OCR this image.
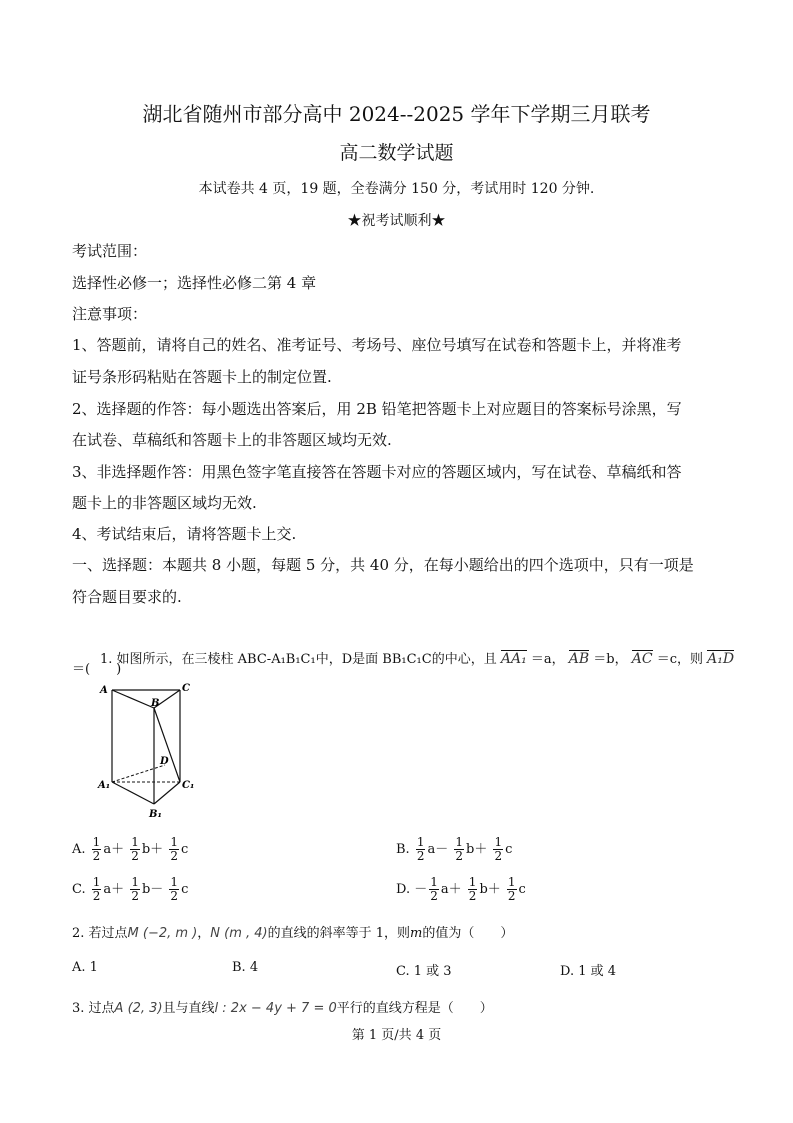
湖北省随州市部分高中 2024--2025 学年下学期三月联考
高二数学试题
本试卷共 4 页，19 题，全卷满分 150 分，考试用时 120 分钟.
★祝考试顺利★
考试范围：
选择性必修一；选择性必修二第 4 章
注意事项：
1、答题前，请将自己的姓名、准考证号、考场号、座位号填写在试卷和答题卡上，并将准考
证号条形码粘贴在答题卡上的制定位置.
2、选择题的作答：每小题选出答案后，用 2B 铅笔把答题卡上对应题目的答案标号涂黑，写
在试卷、草稿纸和答题卡上的非答题区域均无效.
3、非选择题作答：用黑色签字笔直接答在答题卡对应的答题区域内，写在试卷、草稿纸和答
题卡上的非答题区域均无效.
4、考试结束后，请将答题卡上交.
一、选择题：本题共 8 小题，每题 5 分，共 40 分，在每小题给出的四个选项中，只有一项是
符合题目要求的.
1. 如图所示，在三棱柱 ABC-A₁B₁C₁中，D是面 BB₁C₁C的中心，且 AA₁ ＝a， AB ＝b， AC ＝c，则 A₁D
＝(　　)
A	C
B
D
A₁	C₁
B₁
A. $\frac{1}{2} a+ \frac{1}{2} b+ \frac{1}{2}$ c	B. $\frac{1}{2} a- \frac{1}{2} b+ \frac{1}{2}$ c
C. $\frac{1}{2} a+ \frac{1}{2} b- \frac{1}{2}$ c	D. － $\frac{1}{2} a+ \frac{1}{2} b+ \frac{1}{2}$ c
2. 若过点M (−2, m )，N (m , 4)的直线的斜率等于 1，则m的值为（　　）
A. 1	B. 4	C. 1 或 3	D. 1 或 4
3. 过点A (2, 3)且与直线l : 2x − 4y + 7 = 0平行的直线方程是（　　）
第 1 页/共 4 页
